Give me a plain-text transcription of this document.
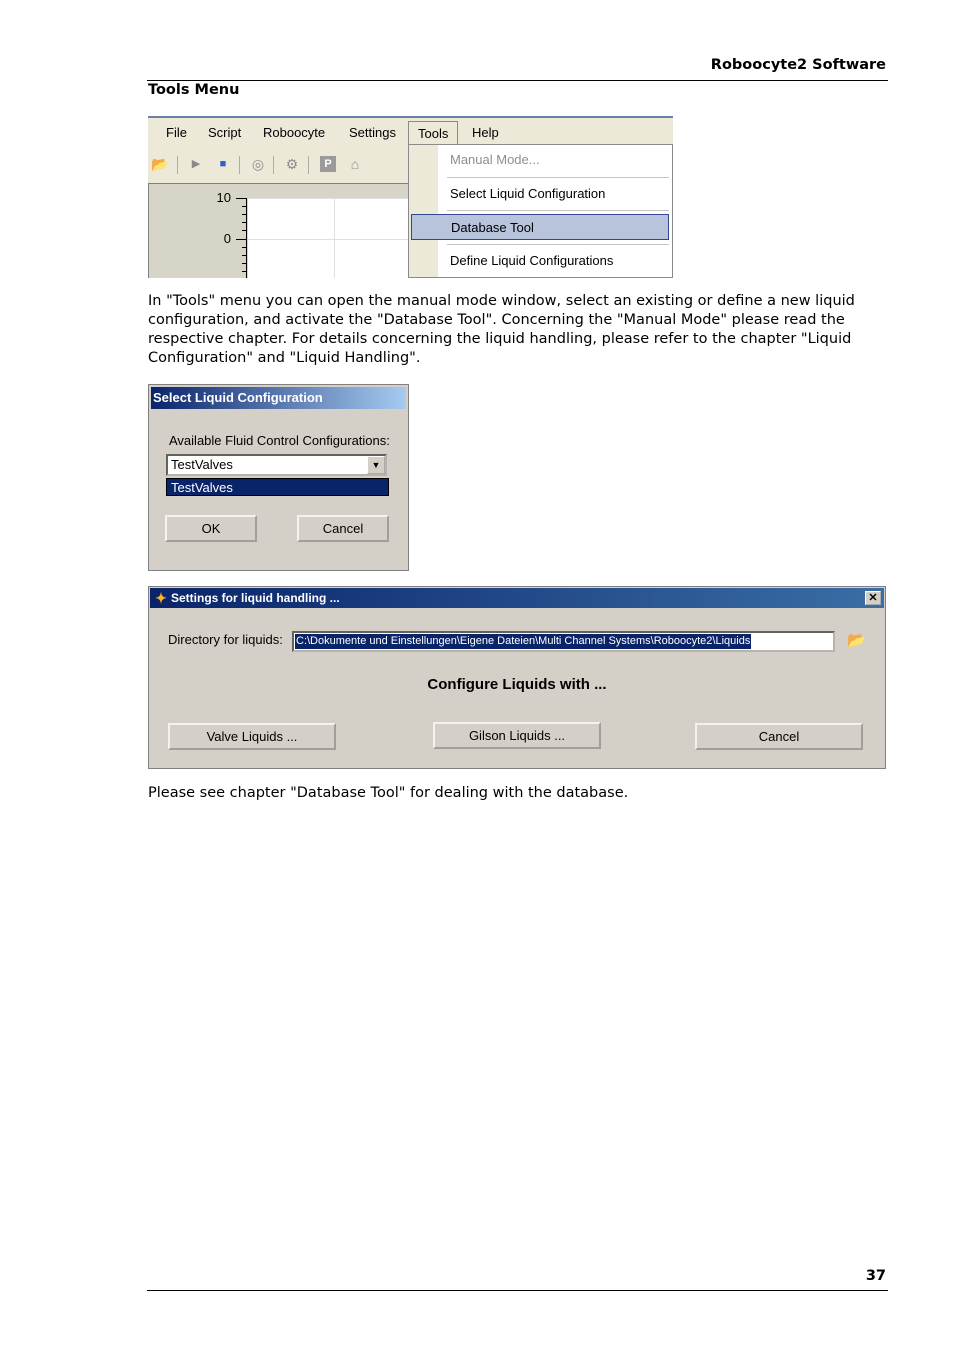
Roboocyte2 Software
Tools Menu
File Script Roboocyte Settings	Tools	Help
📂	▶	■	◎ ⚙	P	⌂
10
0
Manual Mode...
Select Liquid Configuration
Database Tool
Define Liquid Configurations
In "Tools" menu you can open the manual mode window, select an existing or define a new liquid configuration, and activate the "Database Tool". Concerning the "Manual Mode" please read the respective chapter. For details concerning the liquid handling, please refer to the chapter "Liquid Configuration" and "Liquid Handling".
Select Liquid Configuration
Available Fluid Control Configurations:
TestValves	▼
TestValves
OK	Cancel
✦ Settings for liquid handling ...	✕
Directory for liquids: C:\Dokumente und Einstellungen\Eigene Dateien\Multi Channel Systems\Roboocyte2\Liquids	📂
Configure Liquids with ...
Valve Liquids ...	Gilson Liquids ...	Cancel
Please see chapter "Database Tool" for dealing with the database.
37
